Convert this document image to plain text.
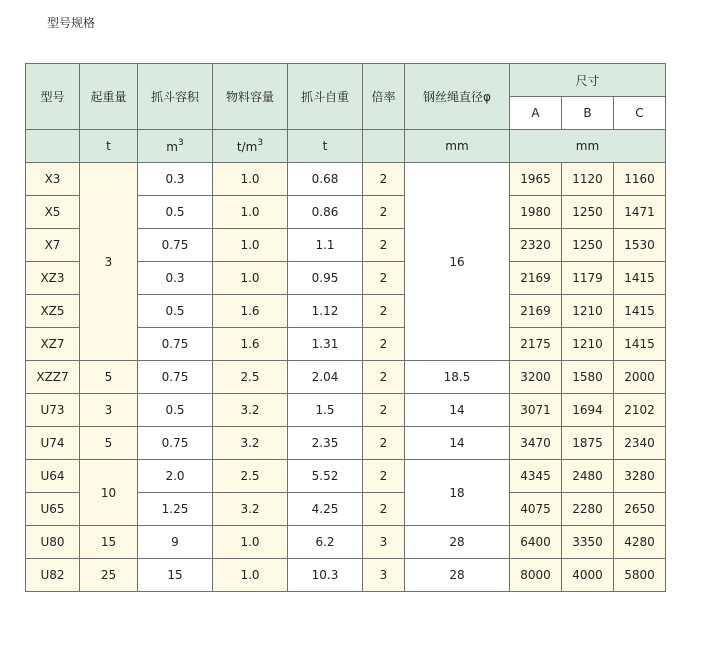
型号规格
型号	起重量	抓斗容积	物料容量	抓斗自重	倍率	钢丝绳直径φ	尺寸		
							A	B	C
	t	$m^3$	$t/m^3$	t		mm	mm		
X3	3	0.3	1.0	0.68	2	16	1965	1120	1160
X5		0.5	1.0	0.86	2		1980	1250	1471
X7		0.75	1.0	1.1	2		2320	1250	1530
XZ3		0.3	1.0	0.95	2		2169	1179	1415
XZ5		0.5	1.6	1.12	2		2169	1210	1415
XZ7		0.75	1.6	1.31	2		2175	1210	1415
XZZ7	5	0.75	2.5	2.04	2	18.5	3200	1580	2000
U73	3	0.5	3.2	1.5	2	14	3071	1694	2102
U74	5	0.75	3.2	2.35	2	14	3470	1875	2340
U64	10	2.0	2.5	5.52	2	18	4345	2480	3280
U65		1.25	3.2	4.25	2		4075	2280	2650
U80	15	9	1.0	6.2	3	28	6400	3350	4280
U82	25	15	1.0	10.3	3	28	8000	4000	5800
